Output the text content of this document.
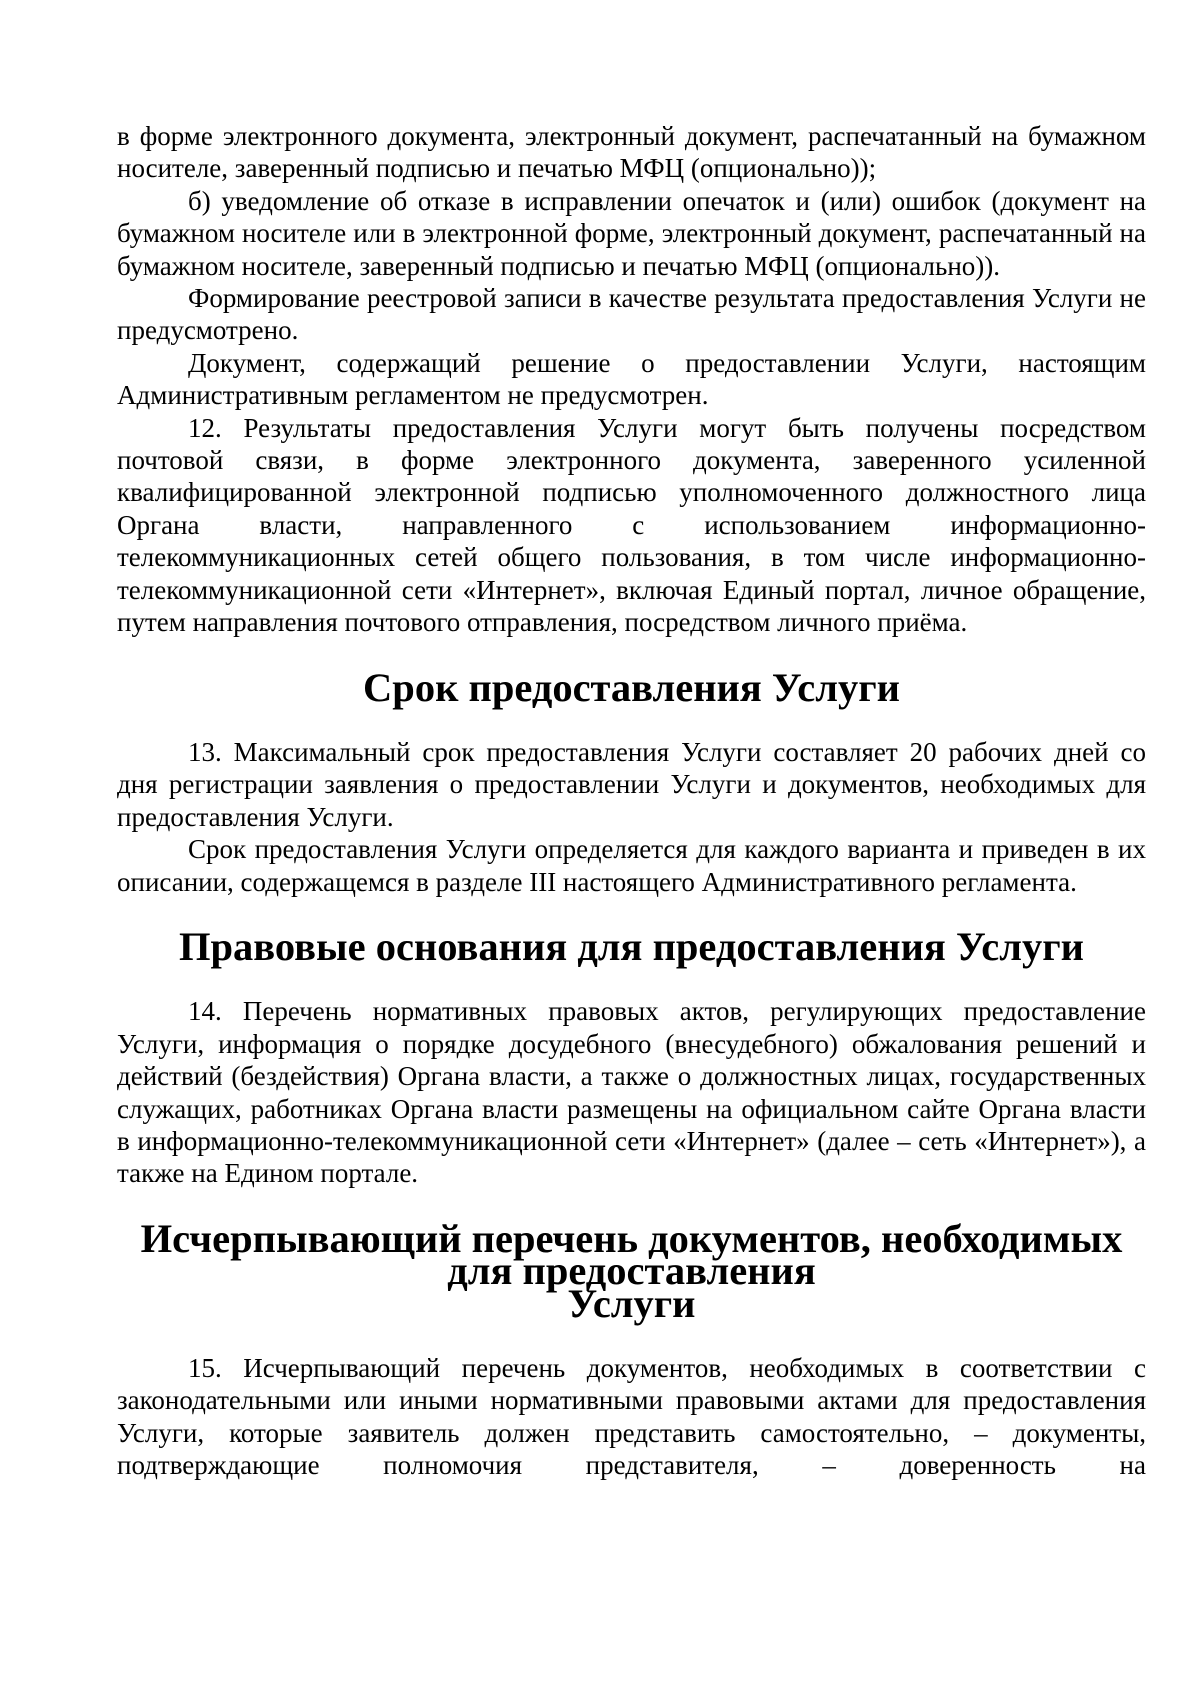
в форме электронного документа, электронный документ, распечатанный на бумажном носителе, заверенный подписью и печатью МФЦ (опционально));

б) уведомление об отказе в исправлении опечаток и (или) ошибок (документ на бумажном носителе или в электронной форме, электронный документ, распечатанный на бумажном носителе, заверенный подписью и печатью МФЦ (опционально)).

Формирование реестровой записи в качестве результата предоставления Услуги не предусмотрено.

Документ, содержащий решение о предоставлении Услуги, настоящим Административным регламентом не предусмотрен.

12. Результаты предоставления Услуги могут быть получены посредством почтовой связи, в форме электронного документа, заверенного усиленной квалифицированной электронной подписью уполномоченного должностного лица Органа власти, направленного с использованием информационно-телекоммуникационных сетей общего пользования, в том числе информационно-телекоммуникационной сети «Интернет», включая Единый портал, личное обращение, путем направления почтового отправления, посредством личного приёма.

Срок предоставления Услуги

13. Максимальный срок предоставления Услуги составляет 20 рабочих дней со дня регистрации заявления о предоставлении Услуги и документов, необходимых для предоставления Услуги.

Срок предоставления Услуги определяется для каждого варианта и приведен в их описании, содержащемся в разделе III настоящего Административного регламента.

Правовые основания для предоставления Услуги

14. Перечень нормативных правовых актов, регулирующих предоставление Услуги, информация о порядке досудебного (внесудебного) обжалования решений и действий (бездействия) Органа власти, а также о должностных лицах, государственных служащих, работниках Органа власти размещены на официальном сайте Органа власти в информационно-телекоммуникационной сети «Интернет» (далее – сеть «Интернет»), а также на Едином портале.

Исчерпывающий перечень документов, необходимых для предоставления
Услуги

15. Исчерпывающий перечень документов, необходимых в соответствии с законодательными или иными нормативными правовыми актами для предоставления Услуги, которые заявитель должен представить самостоятельно, – документы, подтверждающие полномочия представителя, – доверенность на
